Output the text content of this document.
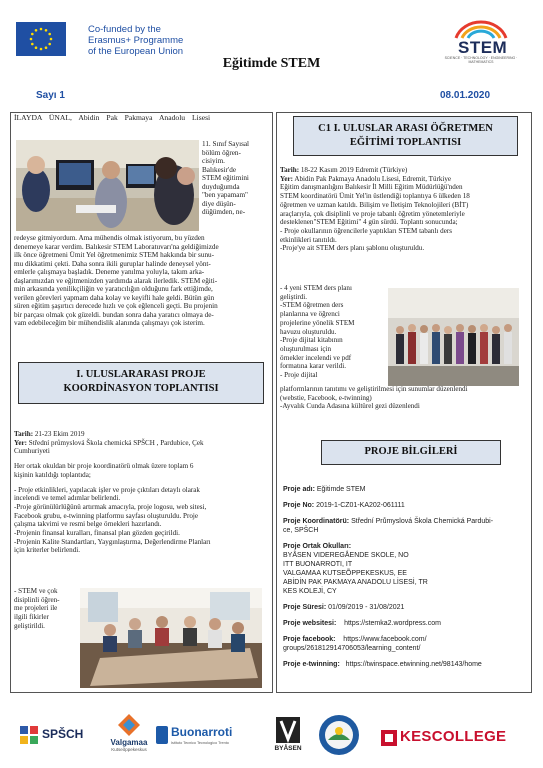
Co-funded by the
Erasmus+ Programme
of the European Union	STEM
SCIENCE · TECHNOLOGY · ENGINEERING · MATHEMATICS
Eğitimde STEM
Sayı 1	08.01.2020
İLAYDA ÜNAL, Abidin Pak Pakmaya Anadolu Lisesi
11. Sınıf Sayısal
bölüm öğren-
cisiyim.
Balıkesir'de
STEM eğitimini
duyduğumda
"ben yapamam"
diye düşün-
düğümden, ne-
redeyse gitmiyordum. Ama mühendis olmak istiyorum, bu yüzden
denemeye karar verdim. Balıkesir STEM Laboratuvarı'na geldiğimizde
ilk önce öğretmeni Ümit Yel öğretmenimiz STEM hakkında bir sunu-
mu dikkatimi çekti. Daha sonra ikili guruplar halinde deneysel yönt-
emlerle çalışmaya başladık. Deneme yanılma yoluyla, takım arka-
daşlarımızdan ve eğitmenizden yardımda alarak ilerledik. STEM eğiti-
min arkasında yenilikçiliğin ve yaratıcılığın olduğunu fark ettiğimde,
verilen görevleri yapmam daha kolay ve keyifli hale geldi. Bütün gün
süren eğitim şaşırtıcı derecede hızlı ve çok eğlenceli geçti. Bu projenin
bir parçası olmak çok güzeldi. bundan sonra daha yaratıcı olmaya de-
vam edebileceğim bir mühendislik alanında çalışmayı çok isterim.
I. ULUSLARARASI PROJE
KOORDİNASYON TOPLANTISI
Tarih: 21-23 Ekim 2019
Yer: Střední průmyslová Škola chemická SPŠCH , Pardubice, Çek
Cumhuriyeti
Her ortak okuldan bir proje koordinatörü olmak üzere toplam 6
kişinin katıldığı toplantıda;
- Proje etkinlikleri, yapılacak işler ve proje çıktıları detaylı olarak
incelendi ve temel adımlar belirlendi.
-Proje görünülürlüğünü artırmak amacıyla, proje logosu, web sitesi,
Facebook grubu, e-twinning platformu sayfası oluşturuldu. Proje
çalışma takvimi ve resmi belge örnekleri hazırlandı.
-Projenin finansal kuralları, finansal plan gözden geçirildi.
-Projenin Kalite Standartları, Yaygınlaştırma, Değerlendirme Planları
için kriterler belirlendi.
- STEM ve çok
disiplinli öğren-
me projeleri ile
ilgili fikirler
geliştirildi.
C1 I. ULUSLAR ARASI ÖĞRETMEN
EĞİTİMİ TOPLANTISI
Tarih: 18-22 Kasım 2019 Edremit (Türkiye)
Yer: Abidin Pak Pakmaya Anadolu Lisesi, Edremit, Türkiye
Eğitim danışmanlığını Balıkesir İl Milli Eğitim Müdürlüğü'nden
STEM koordinatörü Ümit Yel'in üstlendiği toplantıya 6 ülkeden 18
öğretmen ve uzman katıldı. Bilişim ve İletişim Teknolojileri (BİT)
araçlarıyla, çok disiplinli ve proje tabanlı öğretim yönetemleriyle
desteklenen"STEM Eğitimi" 4 gün sürdü. Toplantı sonucunda;
- Proje okullarının öğrencilerle yaptıkları STEM tabanlı ders
etkinlikleri tanıtıldı.
-Proje'ye ait STEM ders planı şablonu oluşturuldu.
- 4 yeni STEM ders planı
geliştirdi.
-STEM öğretmen ders
planlarına ve öğrenci
projelerine yönelik STEM
havuzu oluşturuldu.
-Proje dijital kitabının
oluşturulması için
örnekler incelendi ve pdf
formatına karar verildi.
- Proje dijital
platformlarının tanıtımı ve geliştirilmesi için sunumlar düzenlendi
(webstie, Facebook, e-twinning)
-Ayvalık Cunda Adasına kültürel gezi düzenlendi
PROJE BİLGİLERİ
Proje adı: Eğitimde STEM
Proje No: 2019-1-CZ01-KA202-061111
Proje Koordinatörü: Střední Průmyslová Škola Chemická Pardubi-
ce, SPŠCH
Proje Ortak Okulları:
BYÅSEN VIDEREGÅENDE SKOLE, NO
ITT BUONARROTI, IT
VALGAMAA KUTSEÕPPEKESKUS, EE
ABİDİN PAK PAKMAYA ANADOLU LİSESİ, TR
KES KOLEJİ, CY
Proje Süresi: 01/09/2019 - 31/08/2021
Proje websitesi: https://stemka2.wordpress.com
Proje facebook: https://www.facebook.com/
groups/261812914706053/learning_content/
Proje e-twinning: https://twinspace.etwinning.net/98143/home
SPŠCH
Valgamaa
Kutseõppekeskus
Buonarroti
Istituto Tecnico Tecnologico Trento
BYÅSEN
KESCOLLEGE
